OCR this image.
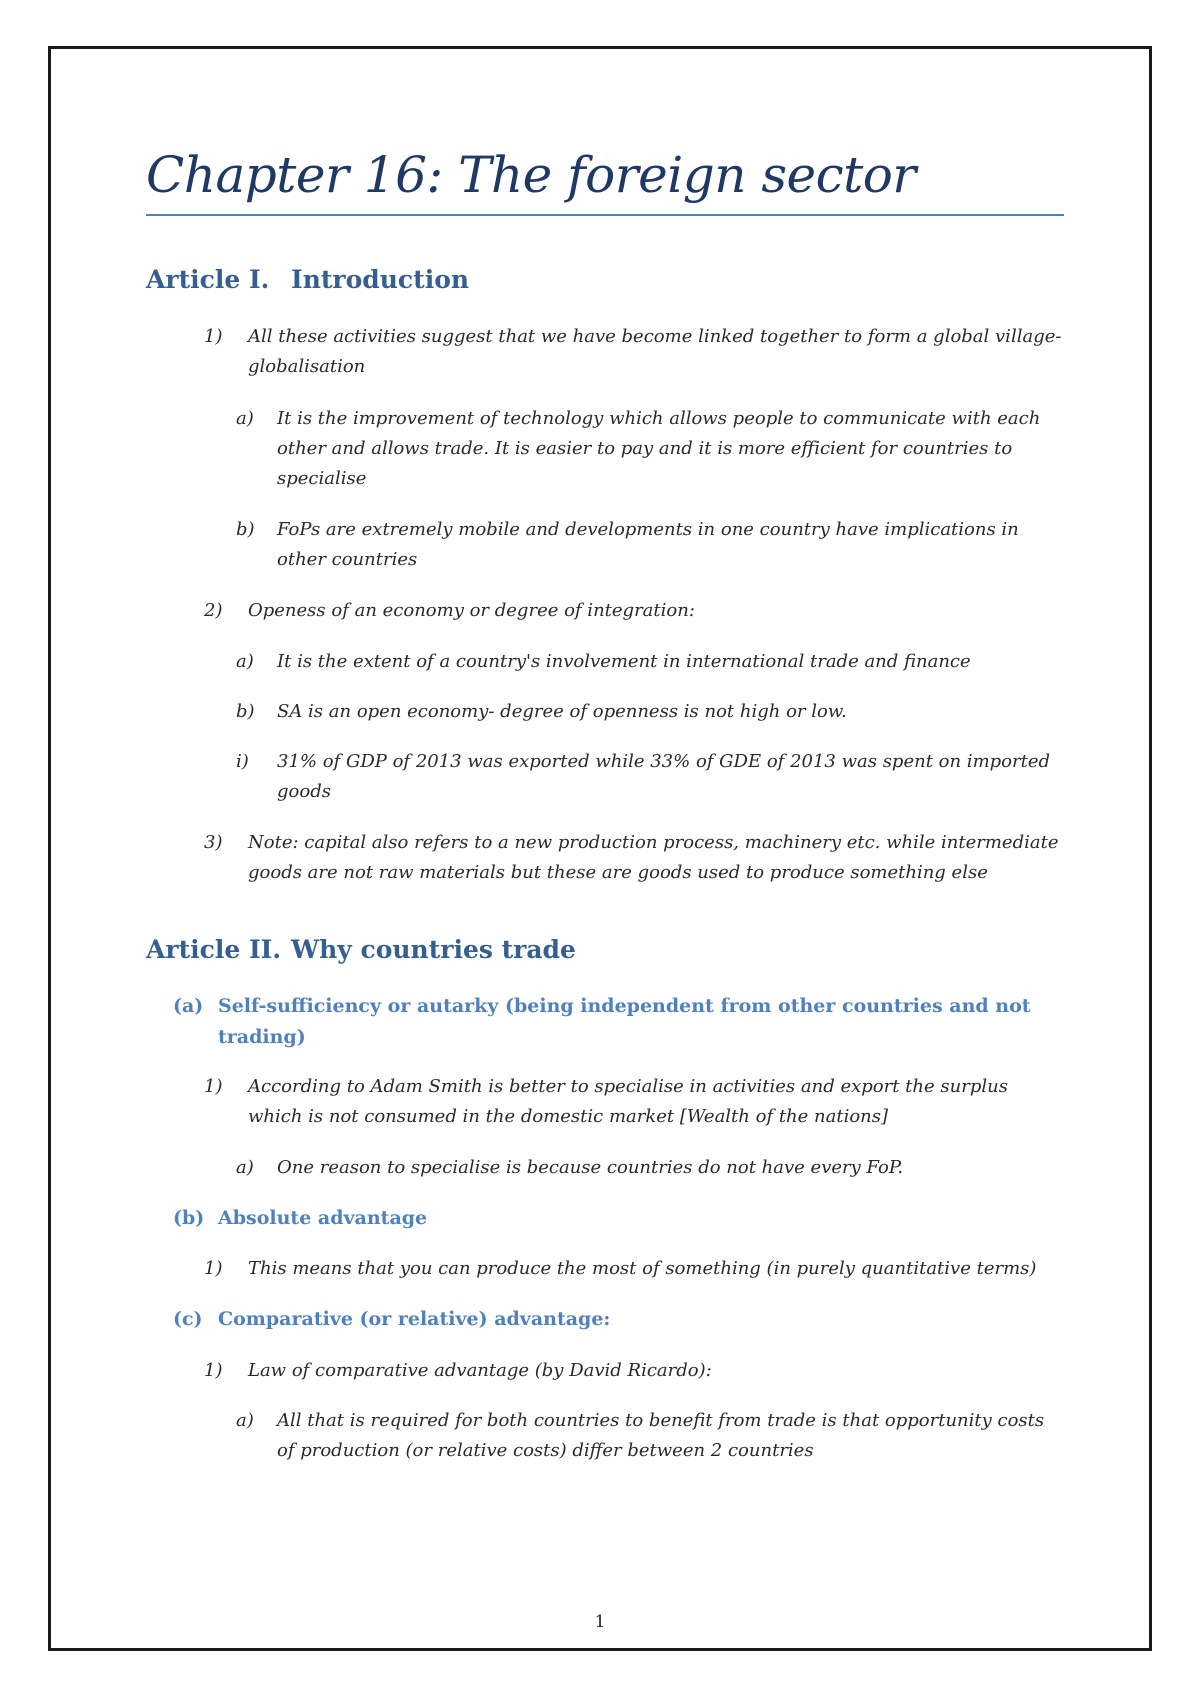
Chapter 16: The foreign sector
Article I. Introduction

1) All these activities suggest that we have become linked together to form a global village- globalisation

a) It is the improvement of technology which allows people to communicate with each other and allows trade. It is easier to pay and it is more efficient for countries to specialise

b) FoPs are extremely mobile and developments in one country have implications in other countries

2) Openess of an economy or degree of integration:

a) It is the extent of a country's involvement in international trade and finance

b) SA is an open economy- degree of openness is not high or low.

i) 31% of GDP of 2013 was exported while 33% of GDE of 2013 was spent on imported goods

3) Note: capital also refers to a new production process, machinery etc. while intermediate goods are not raw materials but these are goods used to produce something else

Article II. Why countries trade
(a) Self-sufficiency or autarky (being independent from other countries and not trading)

1) According to Adam Smith is better to specialise in activities and export the surplus which is not consumed in the domestic market [Wealth of the nations]

a) One reason to specialise is because countries do not have every FoP.

(b) Absolute advantage

1) This means that you can produce the most of something (in purely quantitative terms)

(c) Comparative (or relative) advantage:

1) Law of comparative advantage (by David Ricardo):

a) All that is required for both countries to benefit from trade is that opportunity costs of production (or relative costs) differ between 2 countries

1
